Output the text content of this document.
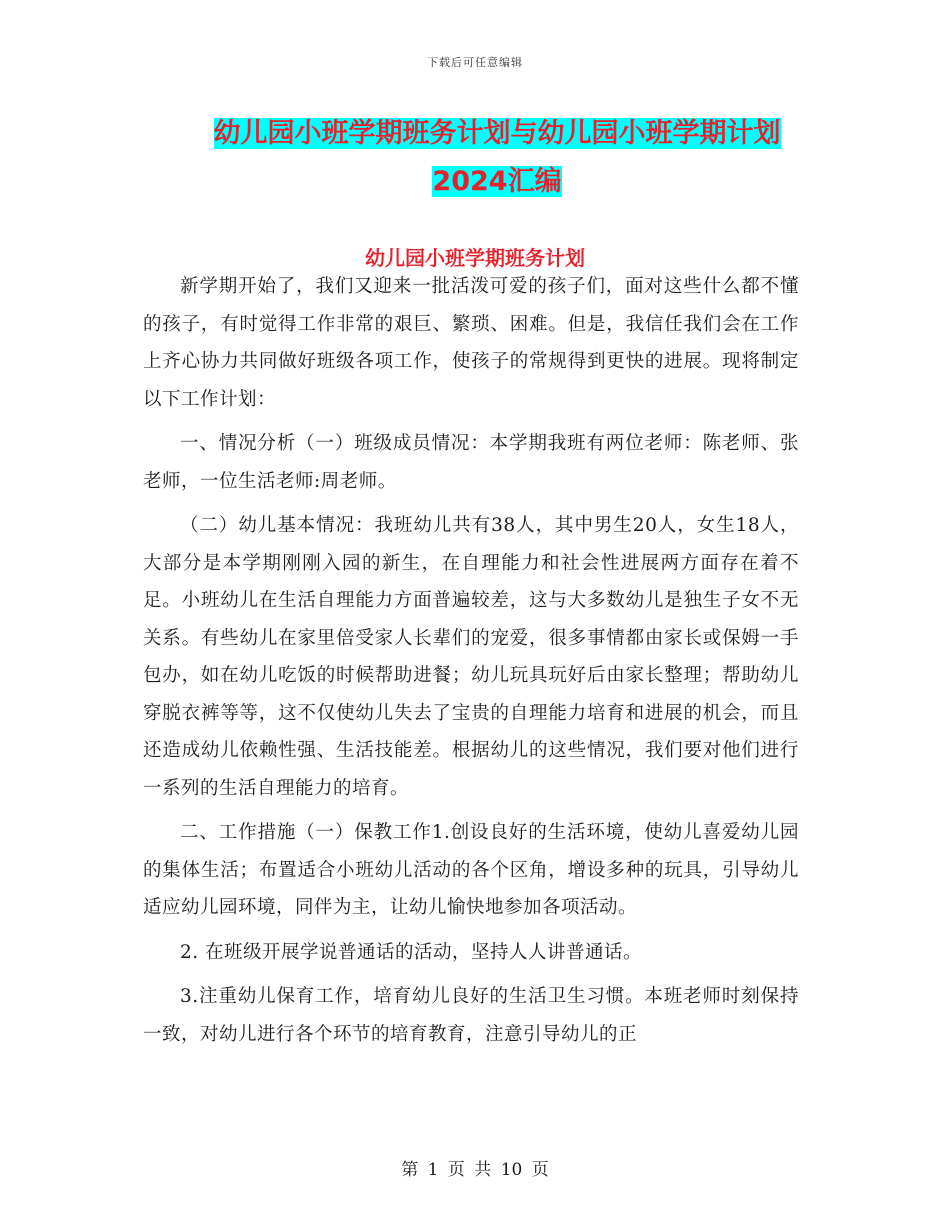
下载后可任意编辑
幼儿园小班学期班务计划与幼儿园小班学期计划2024汇编
幼儿园小班学期班务计划

新学期开始了，我们又迎来一批活泼可爱的孩子们，面对这些什么都不懂的孩子，有时觉得工作非常的艰巨、繁琐、困难。但是，我信任我们会在工作上齐心协力共同做好班级各项工作，使孩子的常规得到更快的进展。现将制定以下工作计划：

一、情况分析（一）班级成员情况：本学期我班有两位老师：陈老师、张老师，一位生活老师:周老师。

（二）幼儿基本情况：我班幼儿共有38人，其中男生20人，女生18人，大部分是本学期刚刚入园的新生，在自理能力和社会性进展两方面存在着不足。小班幼儿在生活自理能力方面普遍较差，这与大多数幼儿是独生子女不无关系。有些幼儿在家里倍受家人长辈们的宠爱，很多事情都由家长或保姆一手包办，如在幼儿吃饭的时候帮助进餐；幼儿玩具玩好后由家长整理；帮助幼儿穿脱衣裤等等，这不仅使幼儿失去了宝贵的自理能力培育和进展的机会，而且还造成幼儿依赖性强、生活技能差。根据幼儿的这些情况，我们要对他们进行一系列的生活自理能力的培育。

二、工作措施（一）保教工作1.创设良好的生活环境，使幼儿喜爱幼儿园的集体生活；布置适合小班幼儿活动的各个区角，增设多种的玩具，引导幼儿适应幼儿园环境，同伴为主，让幼儿愉快地参加各项活动。

2. 在班级开展学说普通话的活动，坚持人人讲普通话。

3.注重幼儿保育工作，培育幼儿良好的生活卫生习惯。本班老师时刻保持一致，对幼儿进行各个环节的培育教育，注意引导幼儿的正

第 1 页 共 10 页
